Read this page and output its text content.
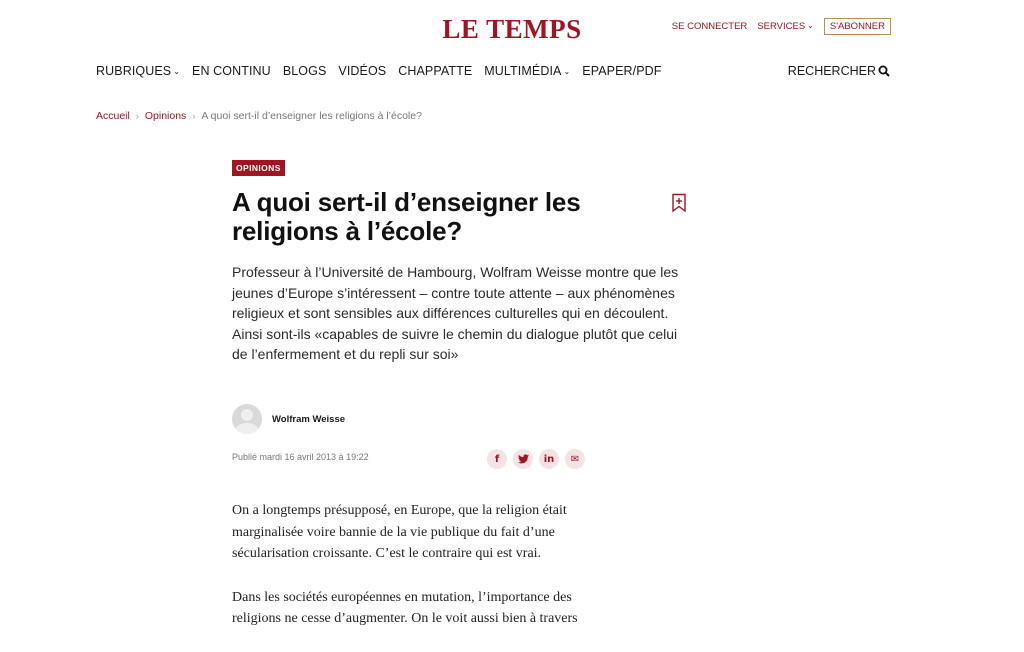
LE TEMPS	SE CONNECTER SERVICES ⌄	S'ABONNER
RUBRIQUES ⌄ EN CONTINU BLOGS VIDÉOS CHAPPATTE MULTIMÉDIA ⌄ EPAPER/PDF	RECHERCHER
Accueil › Opinions › A quoi sert-il d’enseigner les religions à l’école?
OPINIONS
A quoi sert-il d’enseigner les religions à l’école?

Professeur à l’Université de Hambourg, Wolfram Weisse montre que les jeunes d’Europe s’intéressent – contre toute attente – aux phénomènes religieux et sont sensibles aux différences culturelles qui en découlent. Ainsi sont-ils «capables de suivre le chemin du dialogue plutôt que celui de l’enfermement et du repli sur soi»

Wolfram Weisse
Publié mardi 16 avril 2013 à 19:22	f	in	✉

On a longtemps présupposé, en Europe, que la religion était marginalisée voire bannie de la vie publique du fait d’une sécularisation croissante. C’est le contraire qui est vrai.

Dans les sociétés européennes en mutation, l’importance des religions ne cesse d’augmenter. On le voit aussi bien à travers
